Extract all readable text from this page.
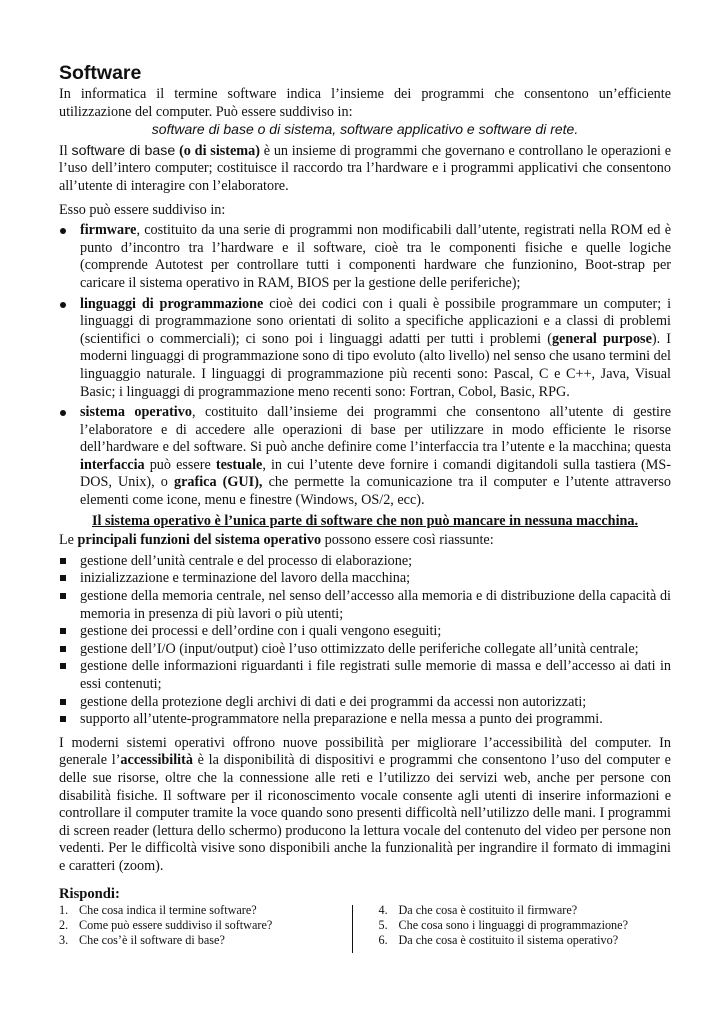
Software

In informatica il termine software indica l’insieme dei programmi che consentono un’efficiente utilizzazione del computer. Può essere suddiviso in:

software di base o di sistema, software applicativo e software di rete.

Il software di base (o di sistema) è un insieme di programmi che governano e controllano le operazioni e l’uso dell’intero computer; costituisce il raccordo tra l’hardware e i programmi applicativi che consentono all’utente di interagire con l’elaboratore.

Esso può essere suddiviso in:

firmware, costituito da una serie di programmi non modificabili dall’utente, registrati nella ROM ed è punto d’incontro tra l’hardware e il software, cioè tra le componenti fisiche e quelle logiche (comprende Autotest per controllare tutti i componenti hardware che funzionino, Boot-strap per caricare il sistema operativo in RAM, BIOS per la gestione delle periferiche);
linguaggi di programmazione cioè dei codici con i quali è possibile programmare un computer; i linguaggi di programmazione sono orientati di solito a specifiche applicazioni e a classi di problemi (scientifici o commerciali); ci sono poi i linguaggi adatti per tutti i problemi (general purpose). I moderni linguaggi di programmazione sono di tipo evoluto (alto livello) nel senso che usano termini del linguaggio naturale. I linguaggi di programmazione più recenti sono: Pascal, C e C++, Java, Visual Basic; i linguaggi di programmazione meno recenti sono: Fortran, Cobol, Basic, RPG.
sistema operativo, costituito dall’insieme dei programmi che consentono all’utente di gestire l’elaboratore e di accedere alle operazioni di base per utilizzare in modo efficiente le risorse dell’hardware e del software. Si può anche definire come l’interfaccia tra l’utente e la macchina; questa interfaccia può essere testuale, in cui l’utente deve fornire i comandi digitandoli sulla tastiera (MS-DOS, Unix), o grafica (GUI), che permette la comunicazione tra il computer e l’utente attraverso elementi come icone, menu e finestre (Windows, OS/2, ecc).
Il sistema operativo è l’unica parte di software che non può mancare in nessuna macchina.

Le principali funzioni del sistema operativo possono essere così riassunte:

gestione dell’unità centrale e del processo di elaborazione;
inizializzazione e terminazione del lavoro della macchina;
gestione della memoria centrale, nel senso dell’accesso alla memoria e di distribuzione della capacità di memoria in presenza di più lavori o più utenti;
gestione dei processi e dell’ordine con i quali vengono eseguiti;
gestione dell’I/O (input/output) cioè l’uso ottimizzato delle periferiche collegate all’unità centrale;
gestione delle informazioni riguardanti i file registrati sulle memorie di massa e dell’accesso ai dati in essi contenuti;
gestione della protezione degli archivi di dati e dei programmi da accessi non autorizzati;
supporto all’utente-programmatore nella preparazione e nella messa a punto dei programmi.

I moderni sistemi operativi offrono nuove possibilità per migliorare l’accessibilità del computer. In generale l’accessibilità è la disponibilità di dispositivi e programmi che consentono l’uso del computer e delle sue risorse, oltre che la connessione alle reti e l’utilizzo dei servizi web, anche per persone con disabilità fisiche. Il software per il riconoscimento vocale consente agli utenti di inserire informazioni e controllare il computer tramite la voce quando sono presenti difficoltà nell’utilizzo delle mani. I programmi di screen reader (lettura dello schermo) producono la lettura vocale del contenuto del video per persone non vedenti. Per le difficoltà visive sono disponibili anche la funzionalità per ingrandire il formato di immagini e caratteri (zoom).

Rispondi:
1. Che cosa indica il termine software?
2. Come può essere suddiviso il software?
3. Che cos’è il software di base?
4. Da che cosa è costituito il firmware?
5. Che cosa sono i linguaggi di programmazione?
6. Da che cosa è costituito il sistema operativo?
